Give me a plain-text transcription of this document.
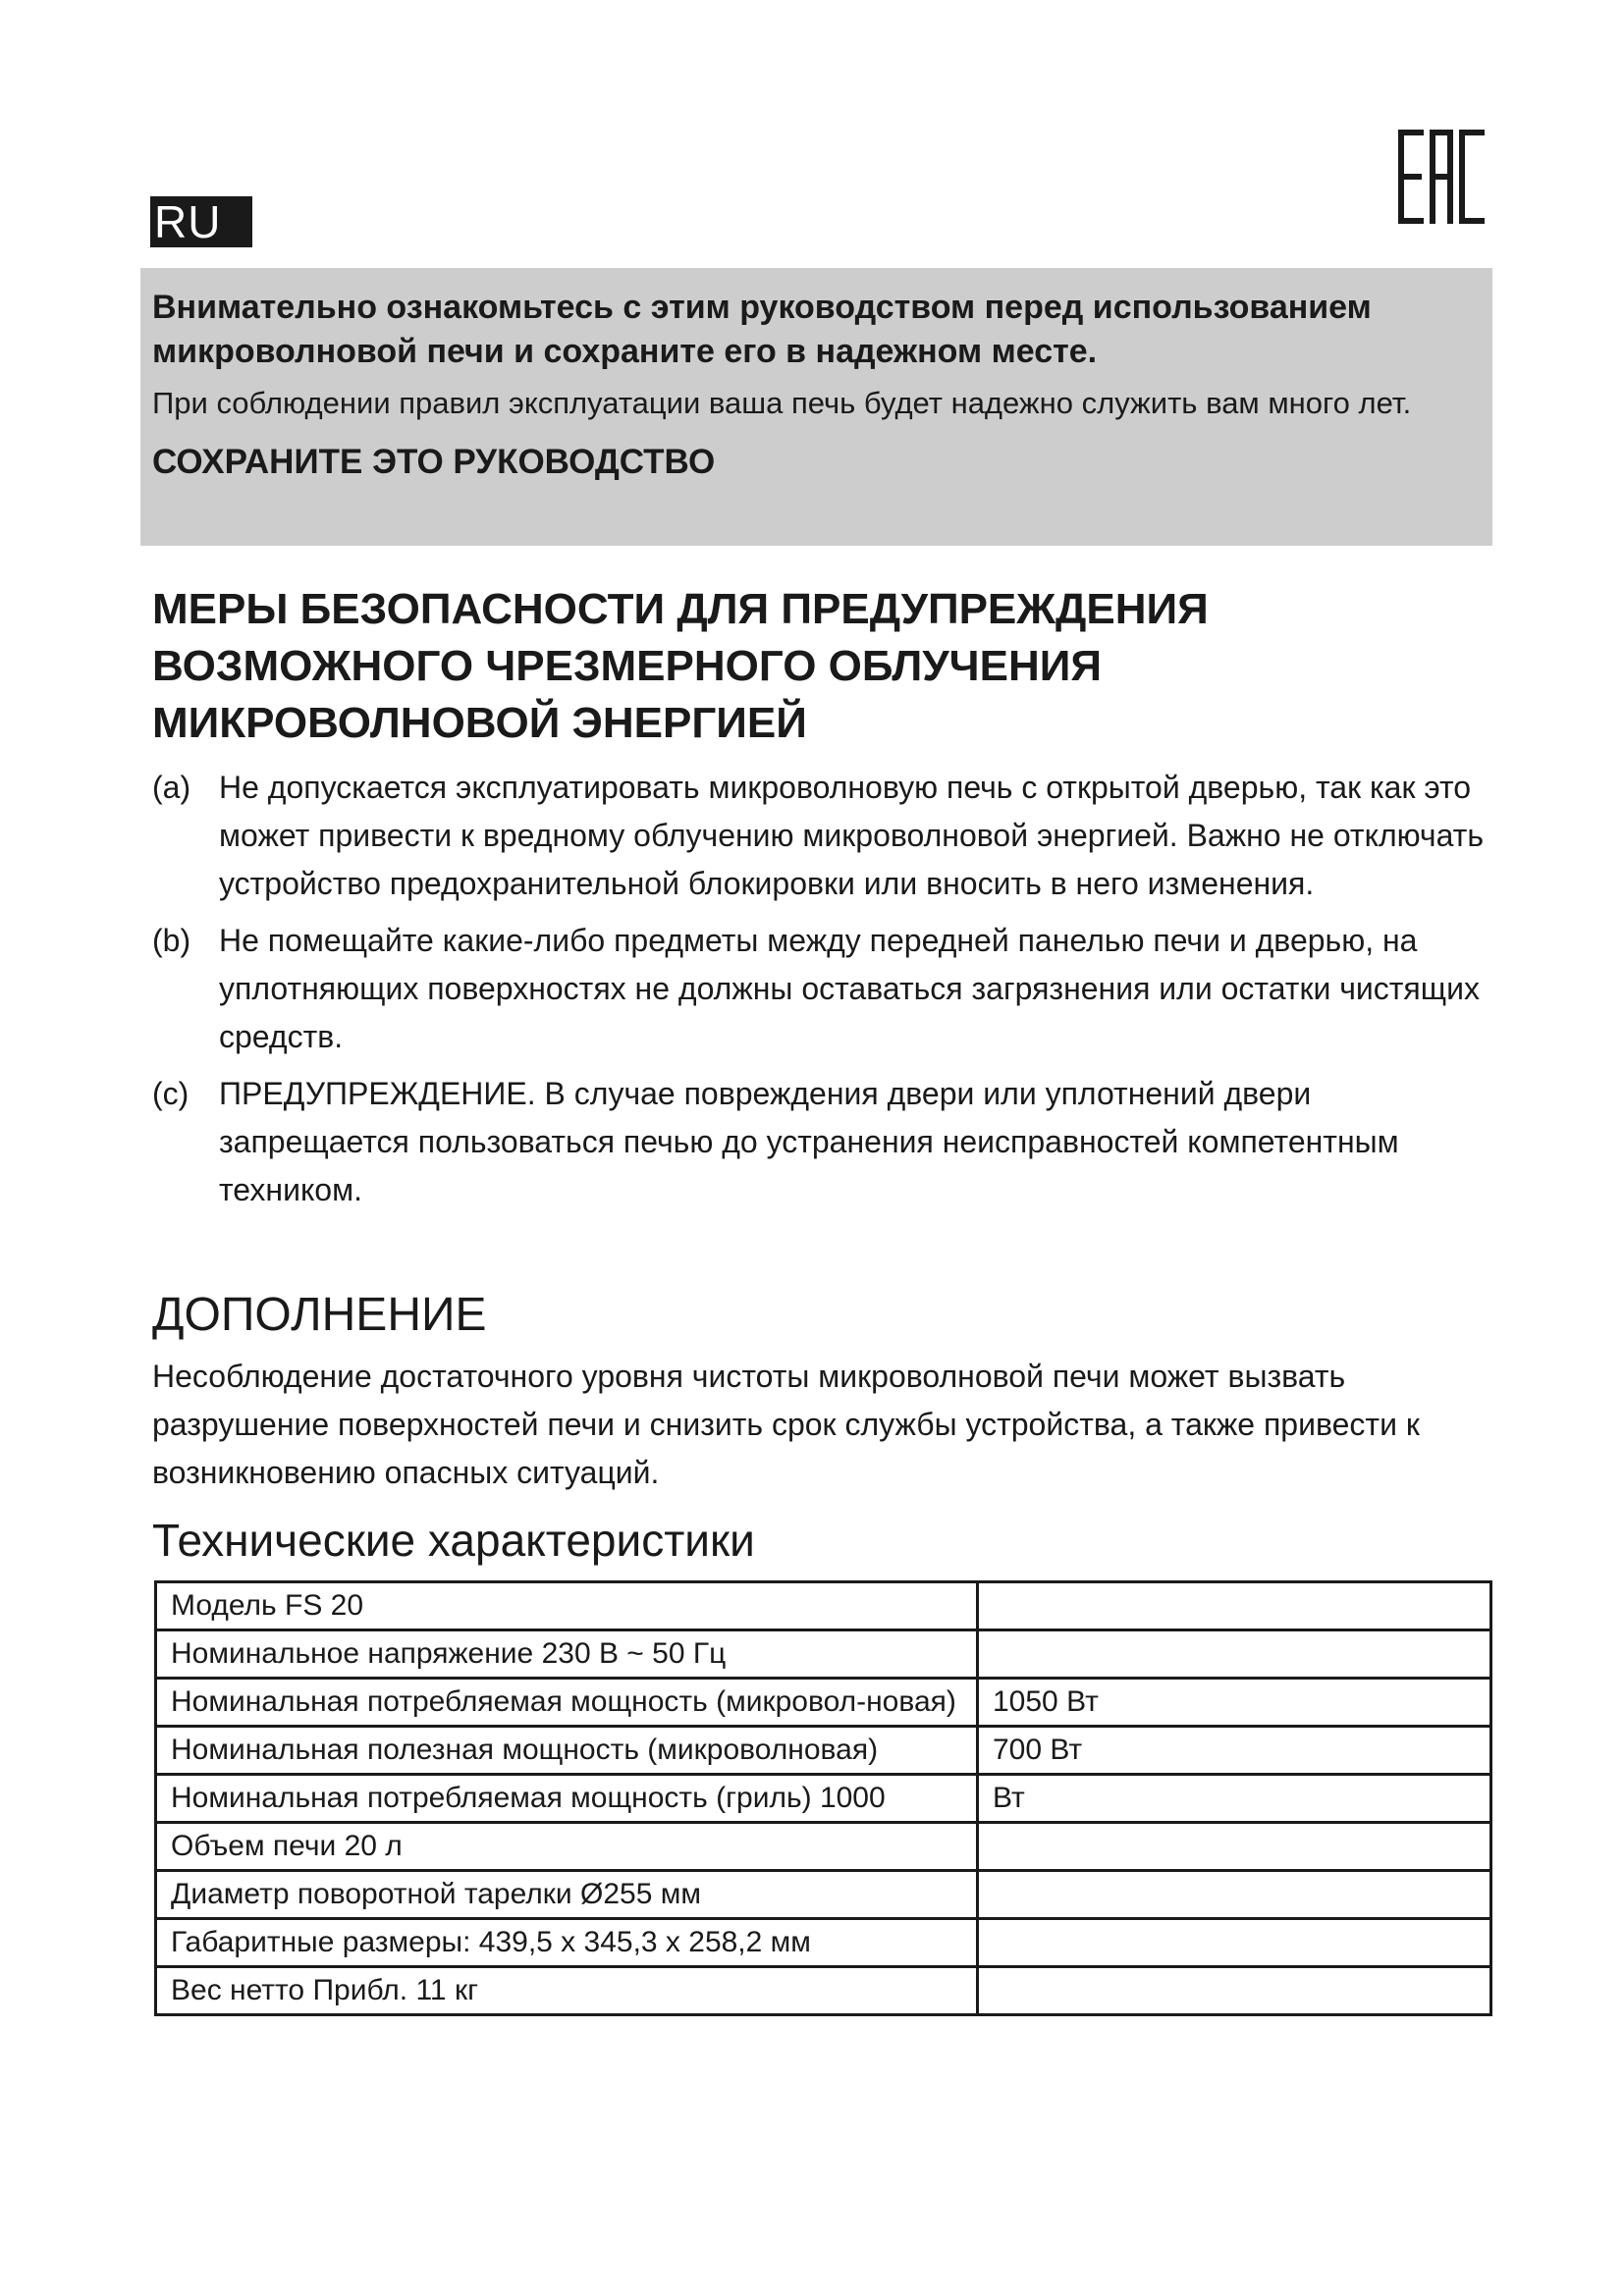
RU

Внимательно ознакомьтесь с этим руководством перед использованием микроволновой печи и сохраните его в надежном месте.

При соблюдении правил эксплуатации ваша печь будет надежно служить вам много лет.

СОХРАНИТЕ ЭТО РУКОВОДСТВО

МЕРЫ БЕЗОПАСНОСТИ ДЛЯ ПРЕДУПРЕЖДЕНИЯ ВОЗМОЖНОГО ЧРЕЗМЕРНОГО ОБЛУЧЕНИЯ МИКРОВОЛНОВОЙ ЭНЕРГИЕЙ
(a) Не допускается эксплуатировать микроволновую печь с открытой дверью, так как это может привести к вредному облучению микроволновой энергией. Важно не отключать устройство предохранительной блокировки или вносить в него изменения.
(b) Не помещайте какие-либо предметы между передней панелью печи и дверью, на уплотняющих поверхностях не должны оставаться загрязнения или остатки чистящих средств.
(c) ПРЕДУПРЕЖДЕНИЕ. В случае повреждения двери или уплотнений двери запрещается пользоваться печью до устранения неисправностей компетентным техником.
ДОПОЛНЕНИЕ

Несоблюдение достаточного уровня чистоты микроволновой печи может вызвать разрушение поверхностей печи и снизить срок службы устройства, а также привести к возникновению опасных ситуаций.

Технические характеристики
Модель FS 20	
Номинальное напряжение 230 В ~ 50 Гц	
Номинальная потребляемая мощность (микровол-новая)	1050 Вт
Номинальная полезная мощность (микроволновая)	700 Вт
Номинальная потребляемая мощность (гриль) 1000	Вт
Объем печи 20 л	
Диаметр поворотной тарелки Ø255 мм	
Габаритные размеры: 439,5 x 345,3 x 258,2 мм	
Вес нетто Прибл. 11 кг	
